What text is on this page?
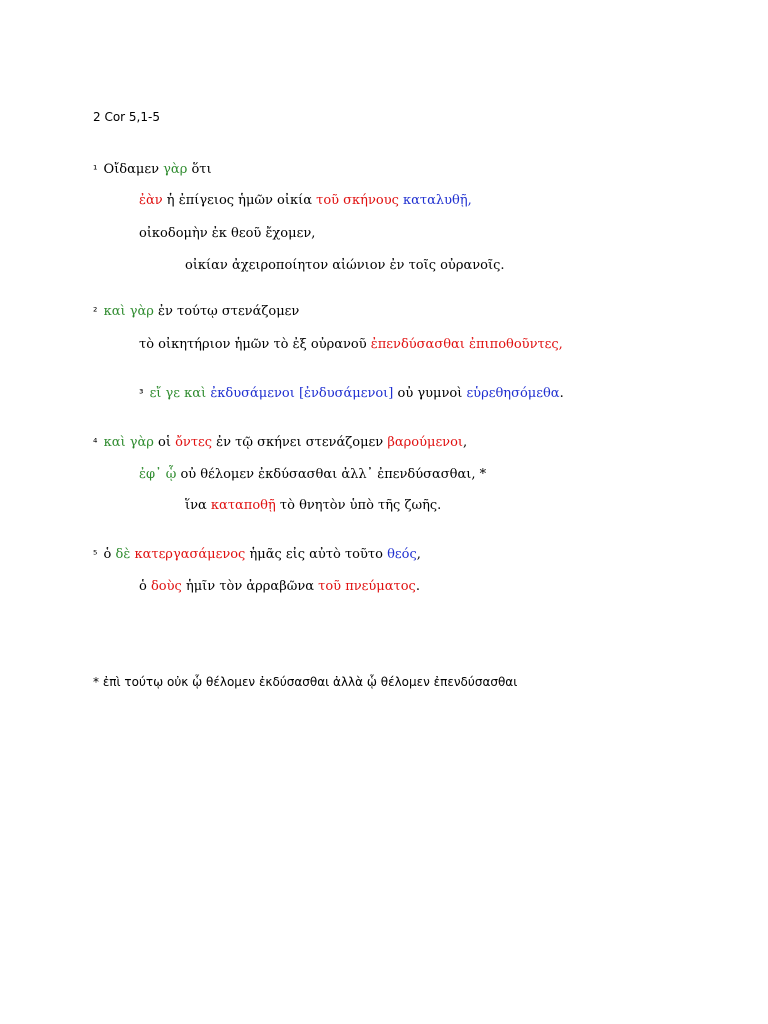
2 Cor 5,1-5
¹ Οἴδαμεν γὰρ ὅτι
ἐὰν ἡ ἐπίγειος ἡμῶν οἰκία τοῦ σκήνους καταλυθῇ,
οἰκοδομὴν ἐκ θεοῦ ἔχομεν,
οἰκίαν ἀχειροποίητον αἰώνιον ἐν τοῖς οὐρανοῖς.
² καὶ γὰρ ἐν τούτῳ στενάζομεν
τὸ οἰκητήριον ἡμῶν τὸ ἐξ οὐρανοῦ ἐπενδύσασθαι ἐπιποθοῦντες,
³ εἴ γε καὶ ἐκδυσάμενοι [ἐνδυσάμενοι] οὐ γυμνοὶ εὑρεθησόμεθα.
⁴ καὶ γὰρ οἱ ὄντες ἐν τῷ σκήνει στενάζομεν βαρούμενοι,
ἐφ᾽ ᾧ οὐ θέλομεν ἐκδύσασθαι ἀλλ᾽ ἐπενδύσασθαι, *
ἵνα καταποθῇ τὸ θνητὸν ὑπὸ τῆς ζωῆς.
⁵ ὁ δὲ κατεργασάμενος ἡμᾶς εἰς αὐτὸ τοῦτο θεός,
ὁ δοὺς ἡμῖν τὸν ἀρραβῶνα τοῦ πνεύματος.
* ἐπὶ τούτῳ οὐκ ᾧ θέλομεν ἐκδύσασθαι ἀλλὰ ᾧ θέλομεν ἐπενδύσασθαι
